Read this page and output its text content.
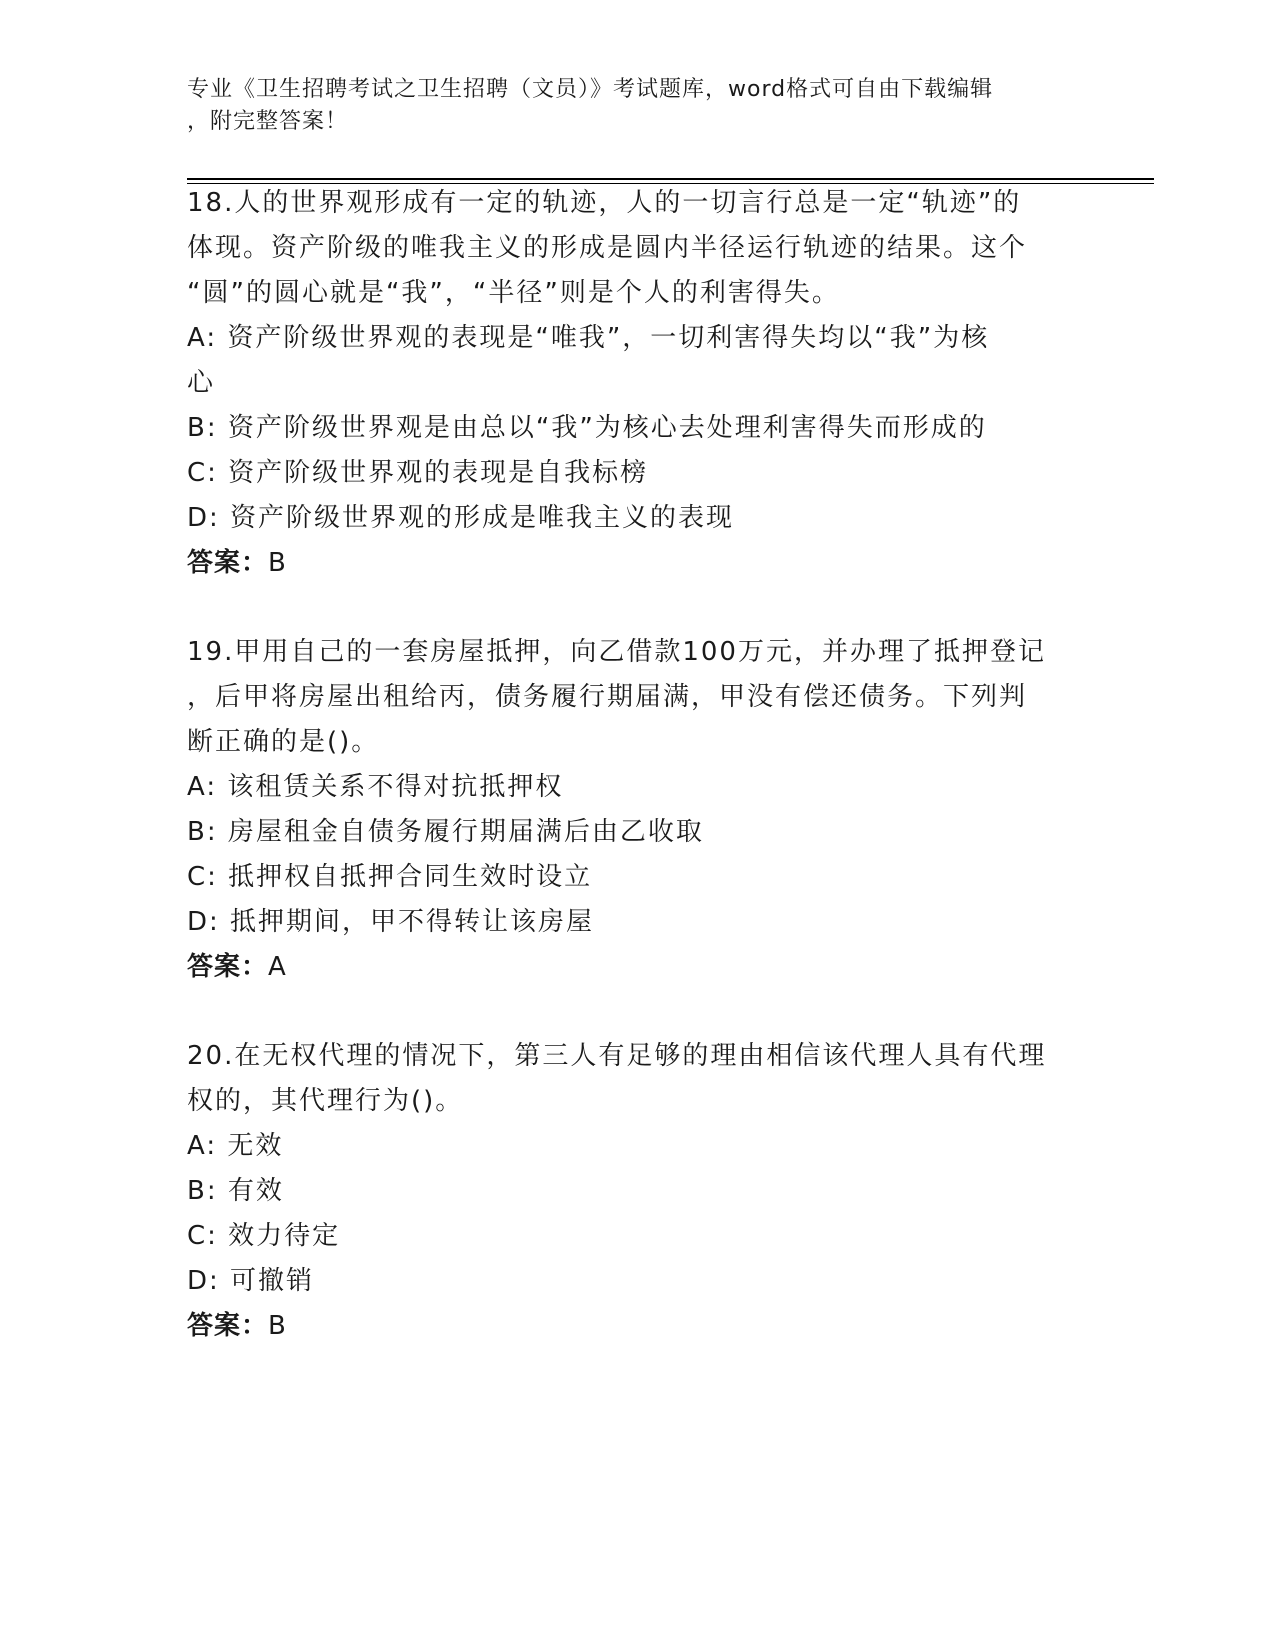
专业《卫生招聘考试之卫生招聘（文员）》考试题库，word格式可自由下载编辑
，附完整答案！
18.人的世界观形成有一定的轨迹，人的一切言行总是一定“轨迹”的
体现。资产阶级的唯我主义的形成是圆内半径运行轨迹的结果。这个
“圆”的圆心就是“我”，“半径”则是个人的利害得失。
A: 资产阶级世界观的表现是“唯我”，一切利害得失均以“我”为核
心
B: 资产阶级世界观是由总以“我”为核心去处理利害得失而形成的
C: 资产阶级世界观的表现是自我标榜
D: 资产阶级世界观的形成是唯我主义的表现
答案：B
19.甲用自己的一套房屋抵押，向乙借款100万元，并办理了抵押登记
，后甲将房屋出租给丙，债务履行期届满，甲没有偿还债务。下列判
断正确的是()。
A: 该租赁关系不得对抗抵押权
B: 房屋租金自债务履行期届满后由乙收取
C: 抵押权自抵押合同生效时设立
D: 抵押期间，甲不得转让该房屋
答案：A
20.在无权代理的情况下，第三人有足够的理由相信该代理人具有代理
权的，其代理行为()。
A: 无效
B: 有效
C: 效力待定
D: 可撤销
答案：B
